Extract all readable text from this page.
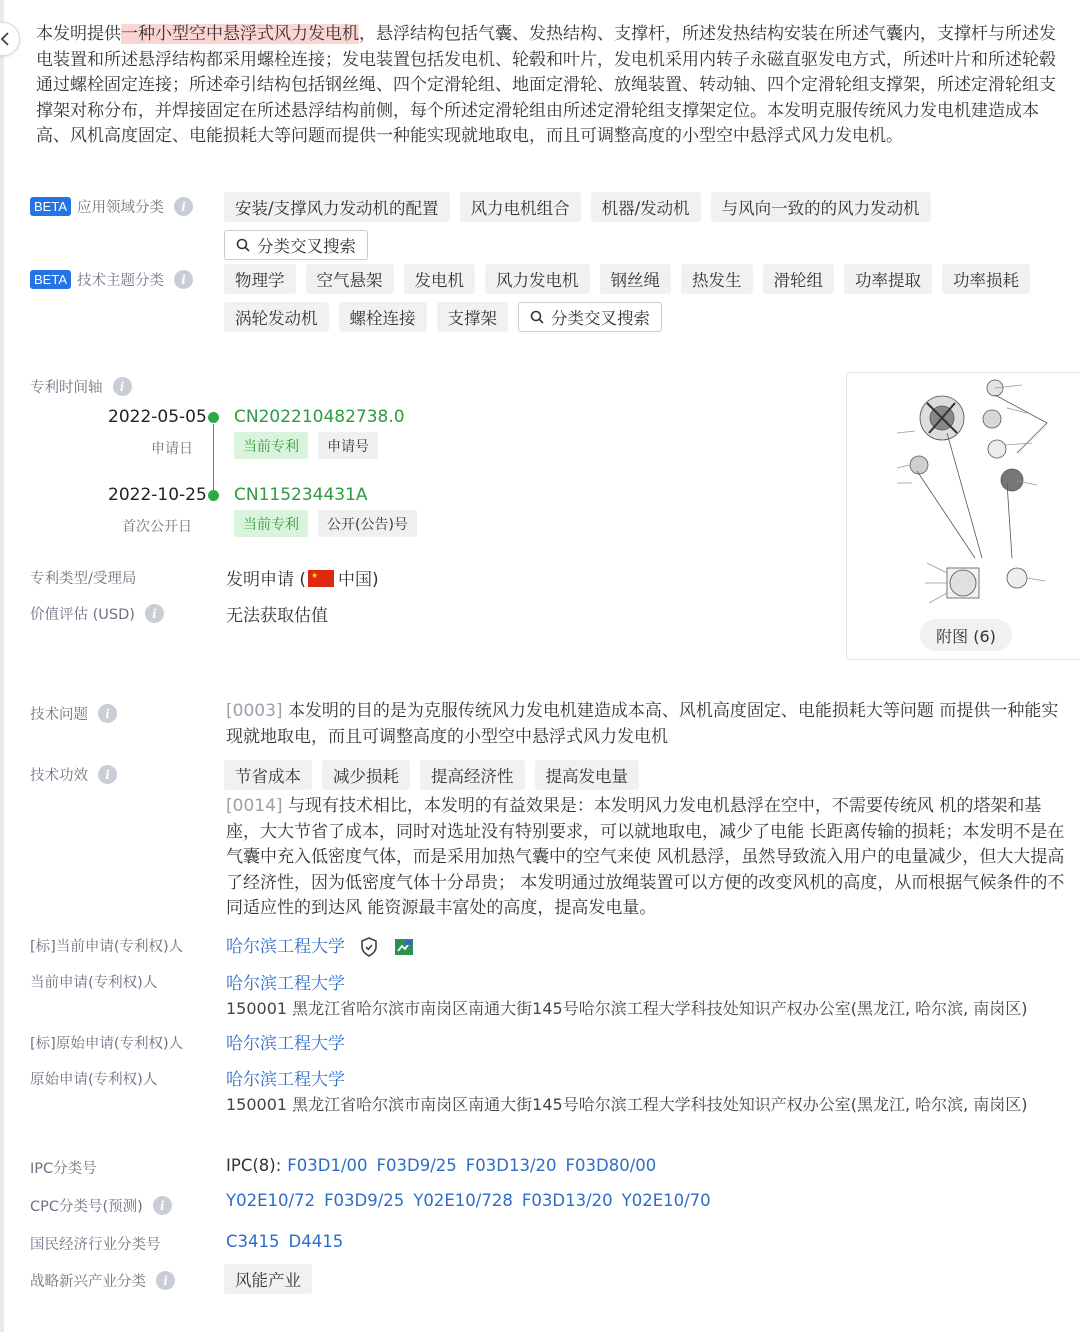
本发明提供一种小型空中悬浮式风力发电机，悬浮结构包括气囊、发热结构、支撑杆，所述发热结构安装在所述气囊内，支撑杆与所述发
电装置和所述悬浮结构都采用螺栓连接；发电装置包括发电机、轮毂和叶片，发电机采用内转子永磁直驱发电方式，所述叶片和所述轮毂
通过螺栓固定连接；所述牵引结构包括钢丝绳、四个定滑轮组、地面定滑轮、放绳装置、转动轴、四个定滑轮组支撑架，所述定滑轮组支
撑架对称分布，并焊接固定在所述悬浮结构前侧，每个所述定滑轮组由所述定滑轮组支撑架定位。本发明克服传统风力发电机建造成本
高、风机高度固定、电能损耗大等问题而提供一种能实现就地取电，而且可调整高度的小型空中悬浮式风力发电机。
BETA 应用领域分类	i	安装/支撑风力发动机的配置	风力电机组合	机器/发动机	与风向一致的的风力发动机
分类交叉搜索
BETA 技术主题分类	i	物理学	空气悬架	发电机	风力发电机	钢丝绳	热发生	滑轮组	功率提取	功率损耗
涡轮发动机	螺栓连接	支撑架	分类交叉搜索
专利时间轴	i
2022-05-05 CN202210482738.0
申请日	当前专利	申请号
2022-10-25 CN115234431A
首次公开日	当前专利	公开(公告)号
专利类型/受理局	发明申请 ( ★ 中国)
价值评估 (USD)	i	无法获取估值
附图 (6)
技术问题	i	[0003] 本发明的目的是为克服传统风力发电机建造成本高、风机高度固定、电能损耗大等问题 而提供一种能实
现就地取电，而且可调整高度的小型空中悬浮式风力发电机
技术功效	i	节省成本	减少损耗	提高经济性	提高发电量
[0014] 与现有技术相比，本发明的有益效果是：本发明风力发电机悬浮在空中，不需要传统风 机的塔架和基
座，大大节省了成本，同时对选址没有特别要求，可以就地取电，减少了电能 长距离传输的损耗；本发明不是在
气囊中充入低密度气体，而是采用加热气囊中的空气来使 风机悬浮，虽然导致流入用户的电量减少，但大大提高
了经济性，因为低密度气体十分昂贵； 本发明通过放绳装置可以方便的改变风机的高度，从而根据气候条件的不
同适应性的到达风 能资源最丰富处的高度，提高发电量。
[标]当前申请(专利权)人	哈尔滨工程大学

当前申请(专利权)人	哈尔滨工程大学
150001 黑龙江省哈尔滨市南岗区南通大街145号哈尔滨工程大学科技处知识产权办公室(黑龙江, 哈尔滨, 南岗区)
[标]原始申请(专利权)人	哈尔滨工程大学
原始申请(专利权)人	哈尔滨工程大学
150001 黑龙江省哈尔滨市南岗区南通大街145号哈尔滨工程大学科技处知识产权办公室(黑龙江, 哈尔滨, 南岗区)
IPC分类号	IPC(8): F03D1/00 F03D9/25 F03D13/20 F03D80/00
CPC分类号(预测)	i	Y02E10/72 F03D9/25 Y02E10/728 F03D13/20 Y02E10/70
国民经济行业分类号	C3415 D4415
战略新兴产业分类	i	风能产业
